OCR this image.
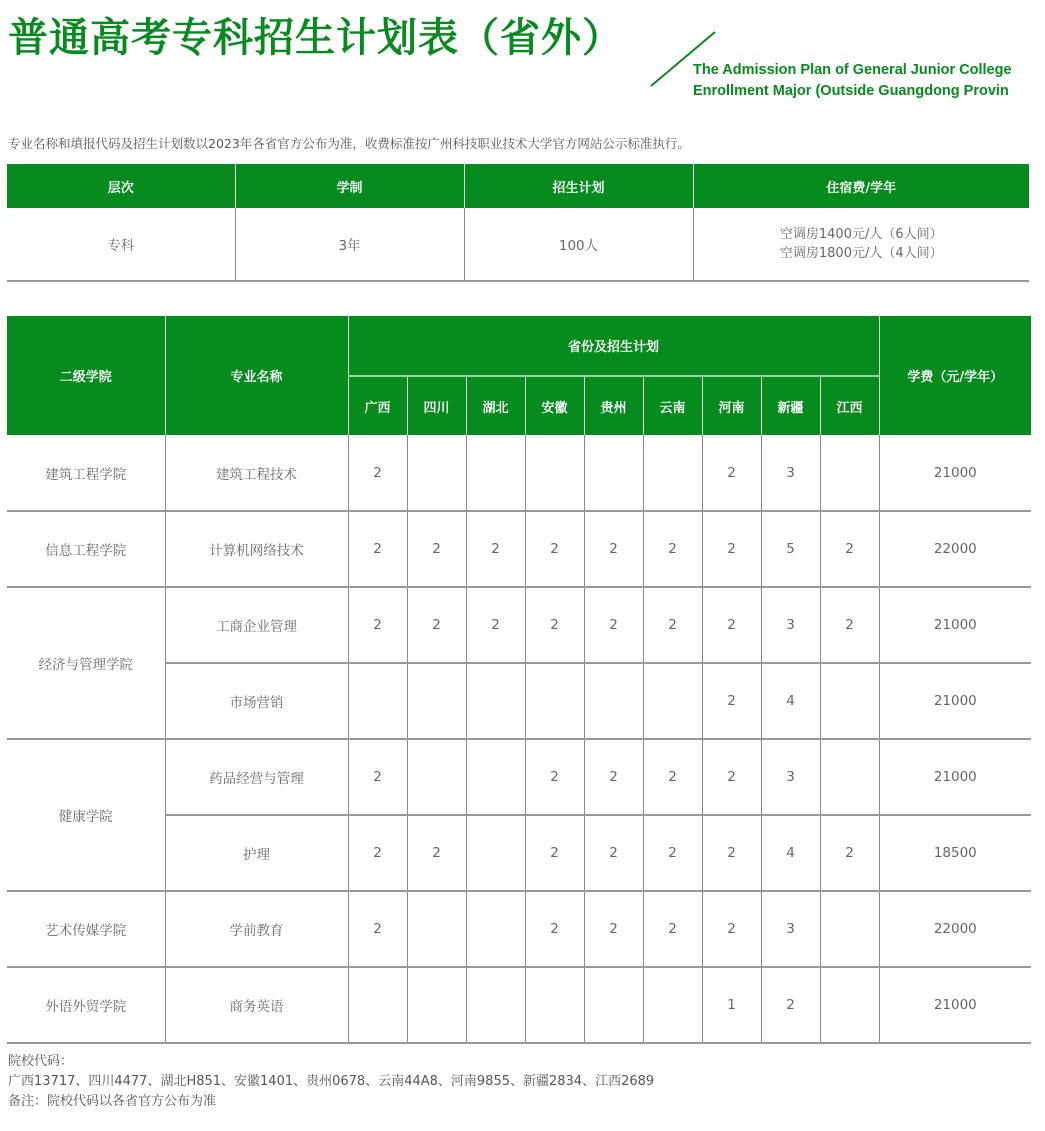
普通高考专科招生计划表（省外）
The Admission Plan of General Junior College
Enrollment Major (Outside Guangdong Provin
专业名称和填报代码及招生计划数以2023年各省官方公布为准，收费标准按广州科技职业技术大学官方网站公示标准执行。
层次	学制	招生计划	住宿费/学年
专科	3年	100人	空调房1400元/人（6人间）
空调房1800元/人（4人间）
二级学院	专业名称	省份及招生计划									学费（元/学年）
		广西	四川	湖北	安徽	贵州	云南	河南	新疆	江西	
建筑工程学院	建筑工程技术	2						2	3		21000
信息工程学院	计算机网络技术	2	2	2	2	2	2	2	5	2	22000
经济与管理学院	工商企业管理	2	2	2	2	2	2	2	3	2	21000
	市场营销							2	4		21000
健康学院	药品经营与管理	2			2	2	2	2	3		21000
	护理	2	2		2	2	2	2	4	2	18500
艺术传媒学院	学前教育	2			2	2	2	2	3		22000
外语外贸学院	商务英语							1	2		21000
院校代码：
广西13717、四川4477、湖北H851、安徽1401、贵州0678、云南44A8、河南9855、新疆2834、江西2689
备注：院校代码以各省官方公布为准
